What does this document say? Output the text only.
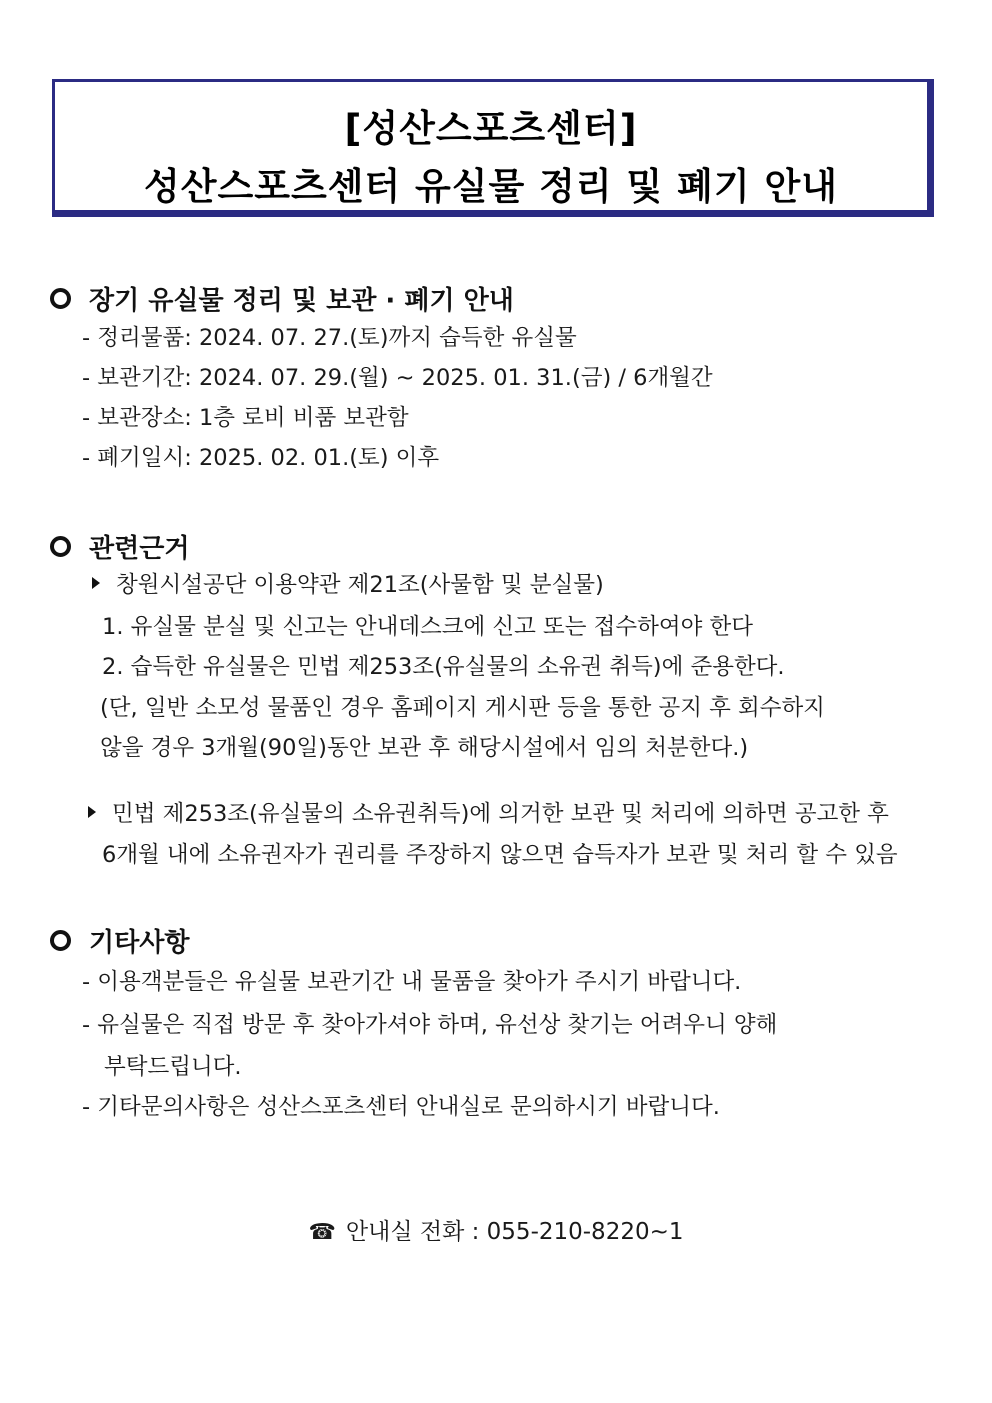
[성산스포츠센터]
성산스포츠센터 유실물 정리 및 폐기 안내
장기 유실물 정리 및 보관 · 폐기 안내
- 정리물품: 2024. 07. 27.(토)까지 습득한 유실물
- 보관기간: 2024. 07. 29.(월) ~ 2025. 01. 31.(금) / 6개월간
- 보관장소: 1층 로비 비품 보관함
- 폐기일시: 2025. 02. 01.(토) 이후
관련근거
창원시설공단 이용약관 제21조(사물함 및 분실물)
1. 유실물 분실 및 신고는 안내데스크에 신고 또는 접수하여야 한다
2. 습득한 유실물은 민법 제253조(유실물의 소유권 취득)에 준용한다.
(단, 일반 소모성 물품인 경우 홈페이지 게시판 등을 통한 공지 후 회수하지
않을 경우 3개월(90일)동안 보관 후 해당시설에서 임의 처분한다.)
민법 제253조(유실물의 소유권취득)에 의거한 보관 및 처리에 의하면 공고한 후
6개월 내에 소유권자가 권리를 주장하지 않으면 습득자가 보관 및 처리 할 수 있음
기타사항
- 이용객분들은 유실물 보관기간 내 물품을 찾아가 주시기 바랍니다.
- 유실물은 직접 방문 후 찾아가셔야 하며, 유선상 찾기는 어려우니 양해
부탁드립니다.
- 기타문의사항은 성산스포츠센터 안내실로 문의하시기 바랍니다.
☎ 안내실 전화 : 055-210-8220~1
